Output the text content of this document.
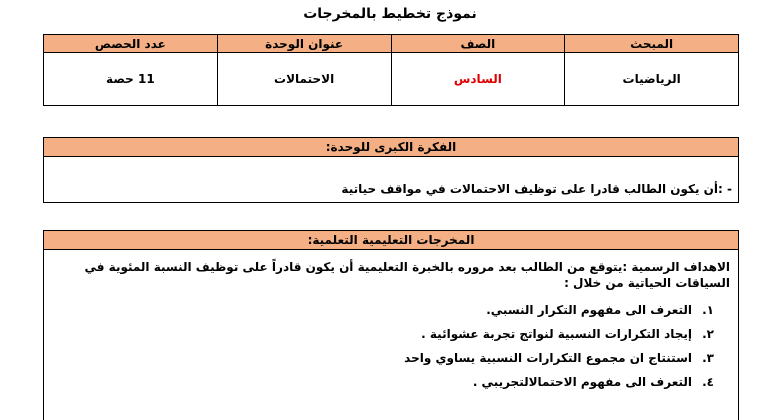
نموذج تخطيط بالمخرجات
المبحث	الصف	عنوان الوحدة	عدد الحصص
الرياضيات	السادس	الاحتمالات	11 حصة
الفكرة الكبرى للوحدة:
- :أن يكون الطالب قادرا على توظيف الاحتمالات في مواقف حياتية
المخرجات التعليمية التعلمية:
الاهداف الرسمية :يتوقع من الطالب بعد مروره بالخبرة التعليمية أن يكون قادراً على توظيف النسبة المئوية في السياقات الحياتية من خلال :
١.التعرف الى مفهوم التكرار النسبي.
٢.إيجاد التكرارات النسبية لنواتج تجربة عشوائية .
٣.استنتاج ان مجموع التكرارات النسبية يساوي واحد
٤.التعرف الى مفهوم الاحتمالالتجريبي .
